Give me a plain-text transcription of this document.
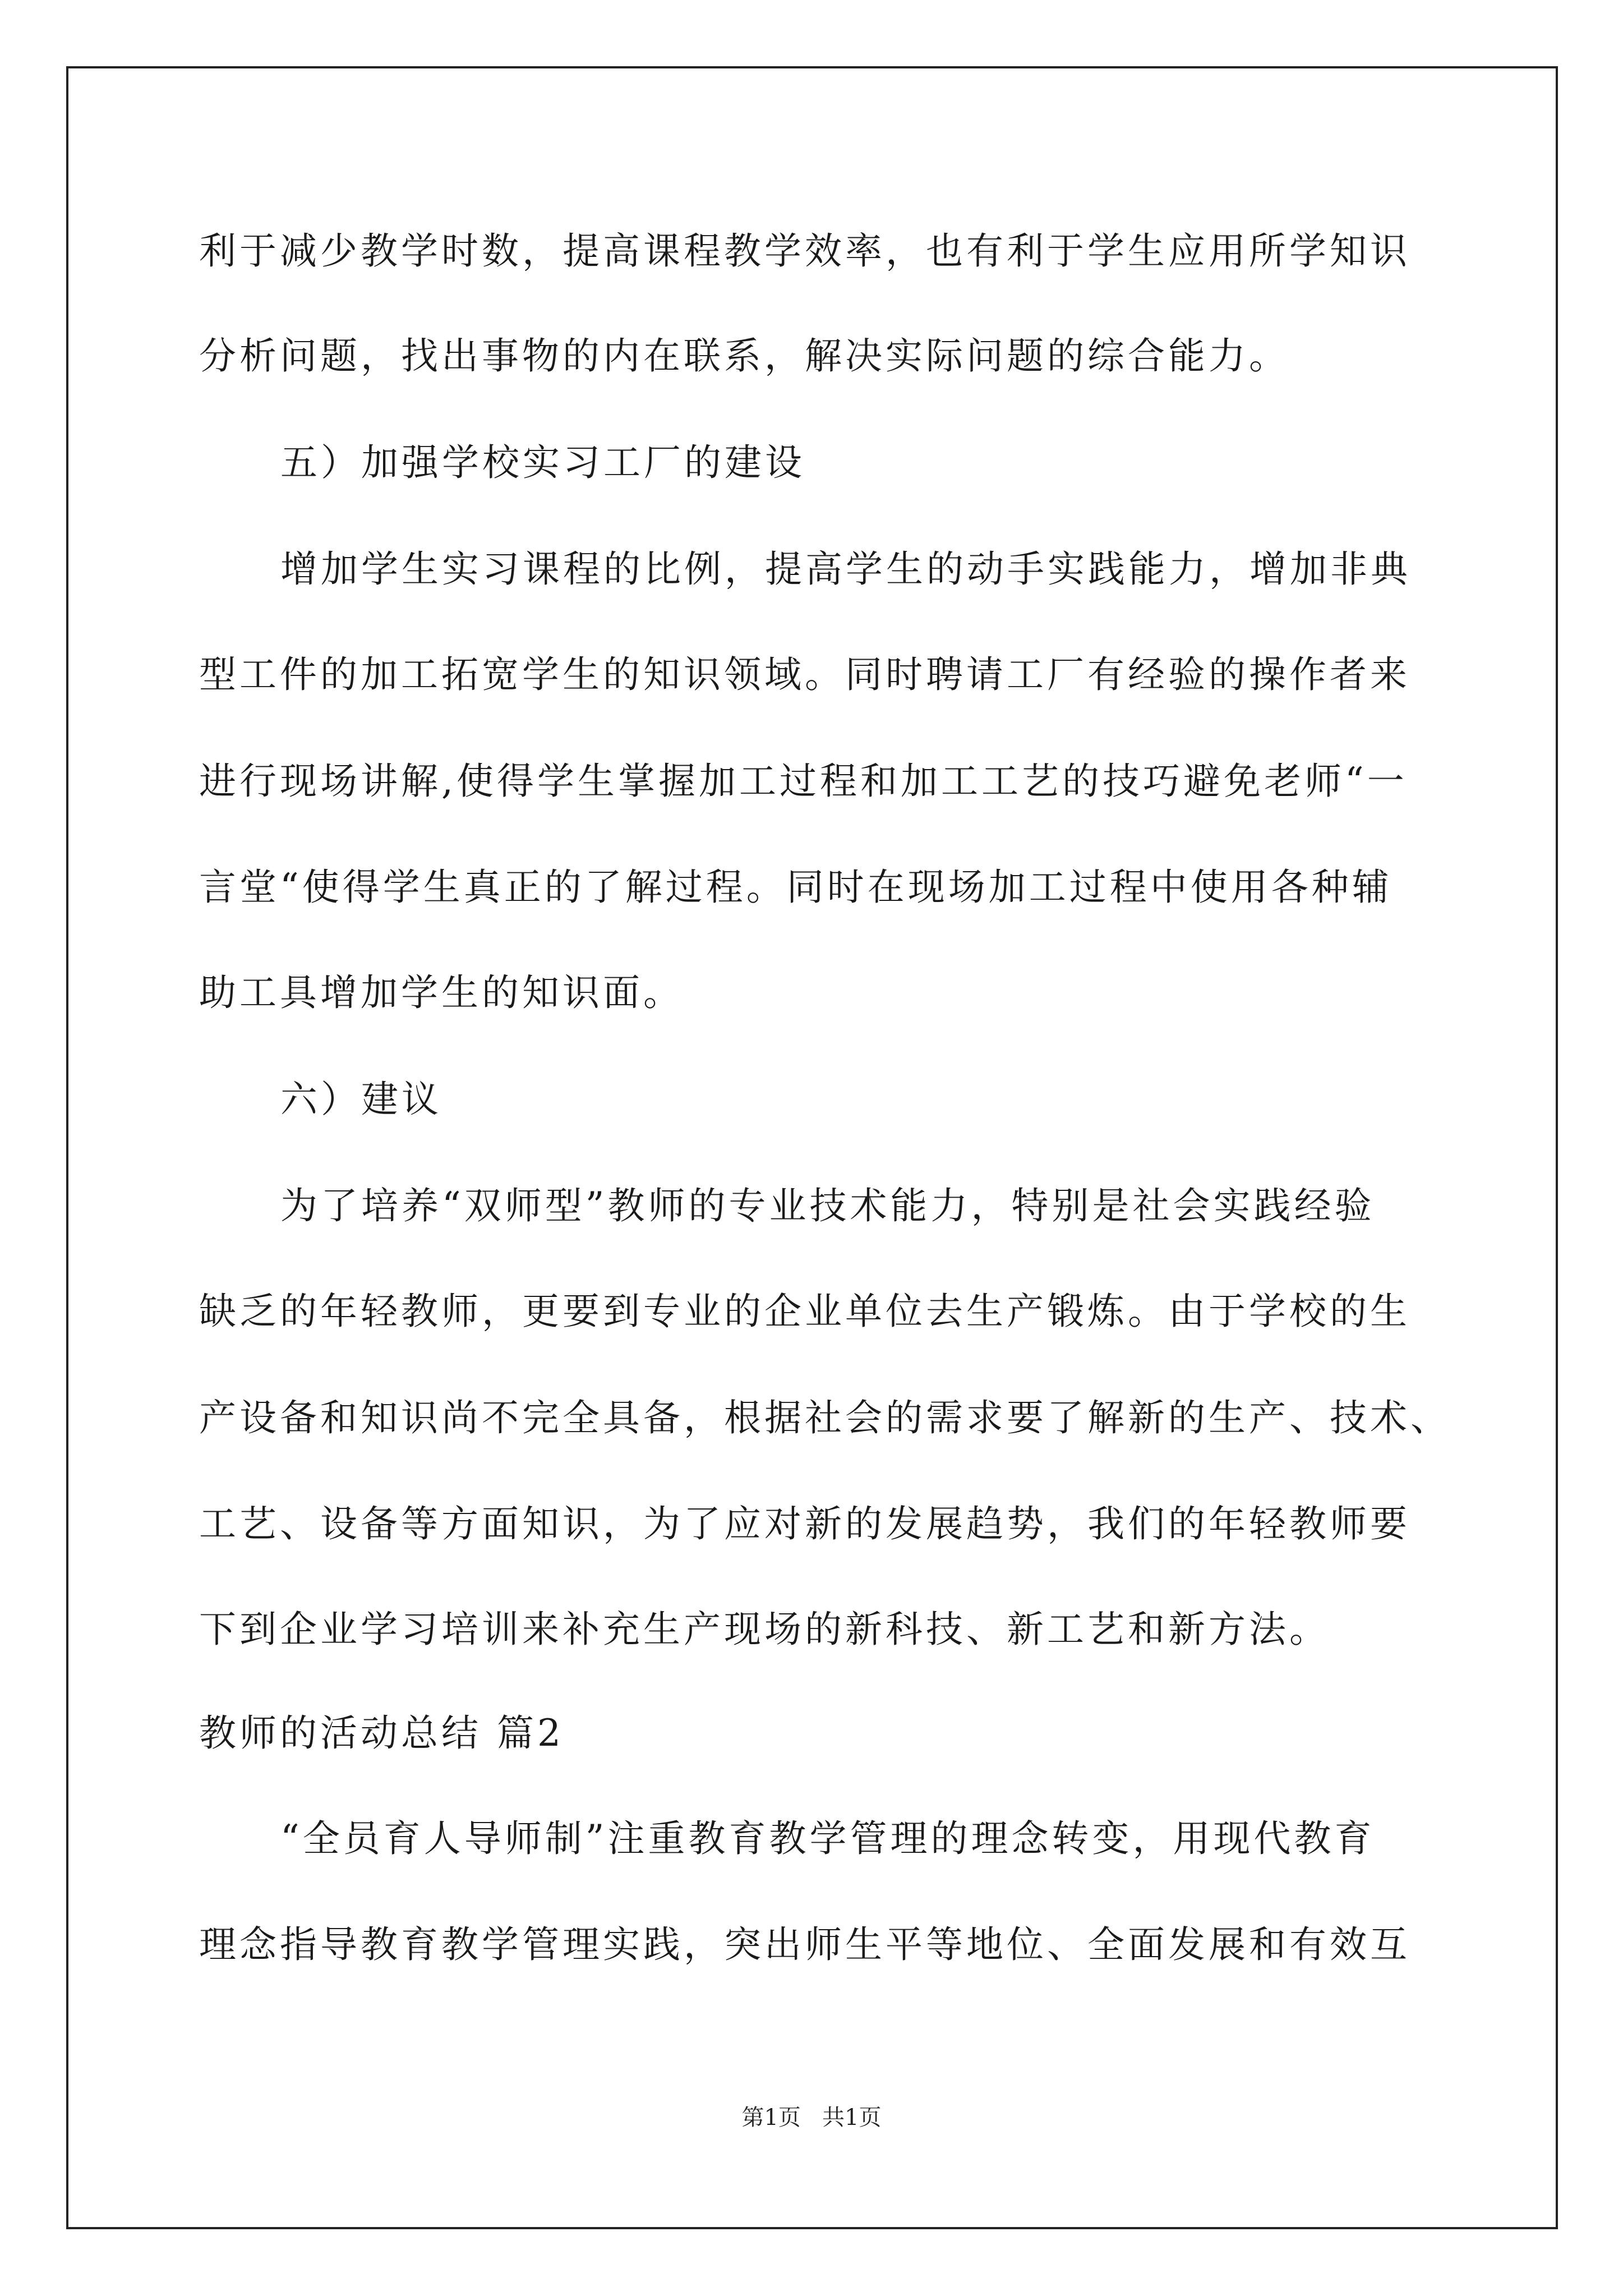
利于减少教学时数，提高课程教学效率，也有利于学生应用所学知识
分析问题，找出事物的内在联系，解决实际问题的综合能力。
五）加强学校实习工厂的建设
增加学生实习课程的比例，提高学生的动手实践能力，增加非典
型工件的加工拓宽学生的知识领域。同时聘请工厂有经验的操作者来
进行现场讲解,使得学生掌握加工过程和加工工艺的技巧避免老师“一
言堂“使得学生真正的了解过程。同时在现场加工过程中使用各种辅
助工具增加学生的知识面。
六）建议
为了培养“双师型”教师的专业技术能力，特别是社会实践经验
缺乏的年轻教师，更要到专业的企业单位去生产锻炼。由于学校的生
产设备和知识尚不完全具备，根据社会的需求要了解新的生产、技术、
工艺、设备等方面知识，为了应对新的发展趋势，我们的年轻教师要
下到企业学习培训来补充生产现场的新科技、新工艺和新方法。
教师的活动总结 篇2
“全员育人导师制”注重教育教学管理的理念转变，用现代教育
理念指导教育教学管理实践，突出师生平等地位、全面发展和有效互
第1页   共1页
